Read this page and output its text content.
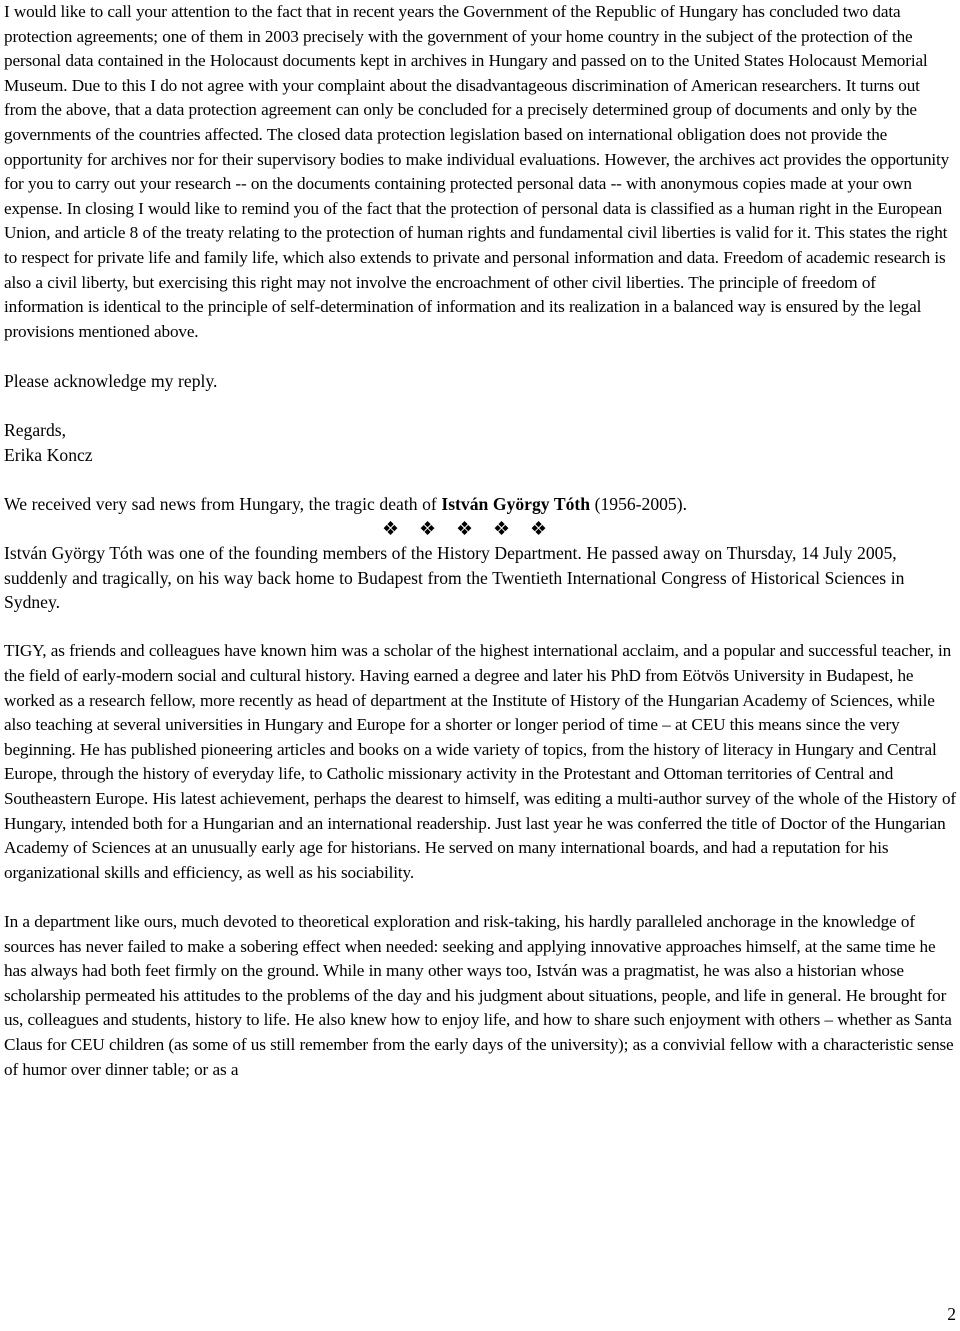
I would like to call your attention to the fact that in recent years the Government of the Republic of Hungary has concluded two data protection agreements; one of them in 2003 precisely with the government of your home country in the subject of the protection of the personal data contained in the Holocaust documents kept in archives in Hungary and passed on to the United States Holocaust Memorial Museum. Due to this I do not agree with your complaint about the disadvantageous discrimination of American researchers. It turns out from the above, that a data protection agreement can only be concluded for a precisely determined group of documents and only by the governments of the countries affected. The closed data protection legislation based on international obligation does not provide the opportunity for archives nor for their supervisory bodies to make individual evaluations. However, the archives act provides the opportunity for you to carry out your research -- on the documents containing protected personal data -- with anonymous copies made at your own expense. In closing I would like to remind you of the fact that the protection of personal data is classified as a human right in the European Union, and article 8 of the treaty relating to the protection of human rights and fundamental civil liberties is valid for it. This states the right to respect for private life and family life, which also extends to private and personal information and data. Freedom of academic research is also a civil liberty, but exercising this right may not involve the encroachment of other civil liberties. The principle of freedom of information is identical to the principle of self-determination of information and its realization in a balanced way is ensured by the legal provisions mentioned above.

Please acknowledge my reply.

Regards,

Erika Koncz

We received very sad news from Hungary, the tragic death of István György Tóth (1956-2005).

István György Tóth was one of the founding members of the History Department. He passed away on Thursday, 14 July 2005, suddenly and tragically, on his way back home to Budapest from the Twentieth International Congress of Historical Sciences in Sydney.

TIGY, as friends and colleagues have known him was a scholar of the highest international acclaim, and a popular and successful teacher, in the field of early-modern social and cultural history. Having earned a degree and later his PhD from Eötvös University in Budapest, he worked as a research fellow, more recently as head of department at the Institute of History of the Hungarian Academy of Sciences, while also teaching at several universities in Hungary and Europe for a shorter or longer period of time – at CEU this means since the very beginning. He has published pioneering articles and books on a wide variety of topics, from the history of literacy in Hungary and Central Europe, through the history of everyday life, to Catholic missionary activity in the Protestant and Ottoman territories of Central and Southeastern Europe. His latest achievement, perhaps the dearest to himself, was editing a multi-author survey of the whole of the History of Hungary, intended both for a Hungarian and an international readership. Just last year he was conferred the title of Doctor of the Hungarian Academy of Sciences at an unusually early age for historians. He served on many international boards, and had a reputation for his organizational skills and efficiency, as well as his sociability.

In a department like ours, much devoted to theoretical exploration and risk-taking, his hardly paralleled anchorage in the knowledge of sources has never failed to make a sobering effect when needed: seeking and applying innovative approaches himself, at the same time he has always had both feet firmly on the ground. While in many other ways too, István was a pragmatist, he was also a historian whose scholarship permeated his attitudes to the problems of the day and his judgment about situations, people, and life in general. He brought for us, colleagues and students, history to life. He also knew how to enjoy life, and how to share such enjoyment with others – whether as Santa Claus for CEU children (as some of us still remember from the early days of the university); as a convivial fellow with a characteristic sense of humor over dinner table; or as a

❖ ❖ ❖ ❖ ❖
2
